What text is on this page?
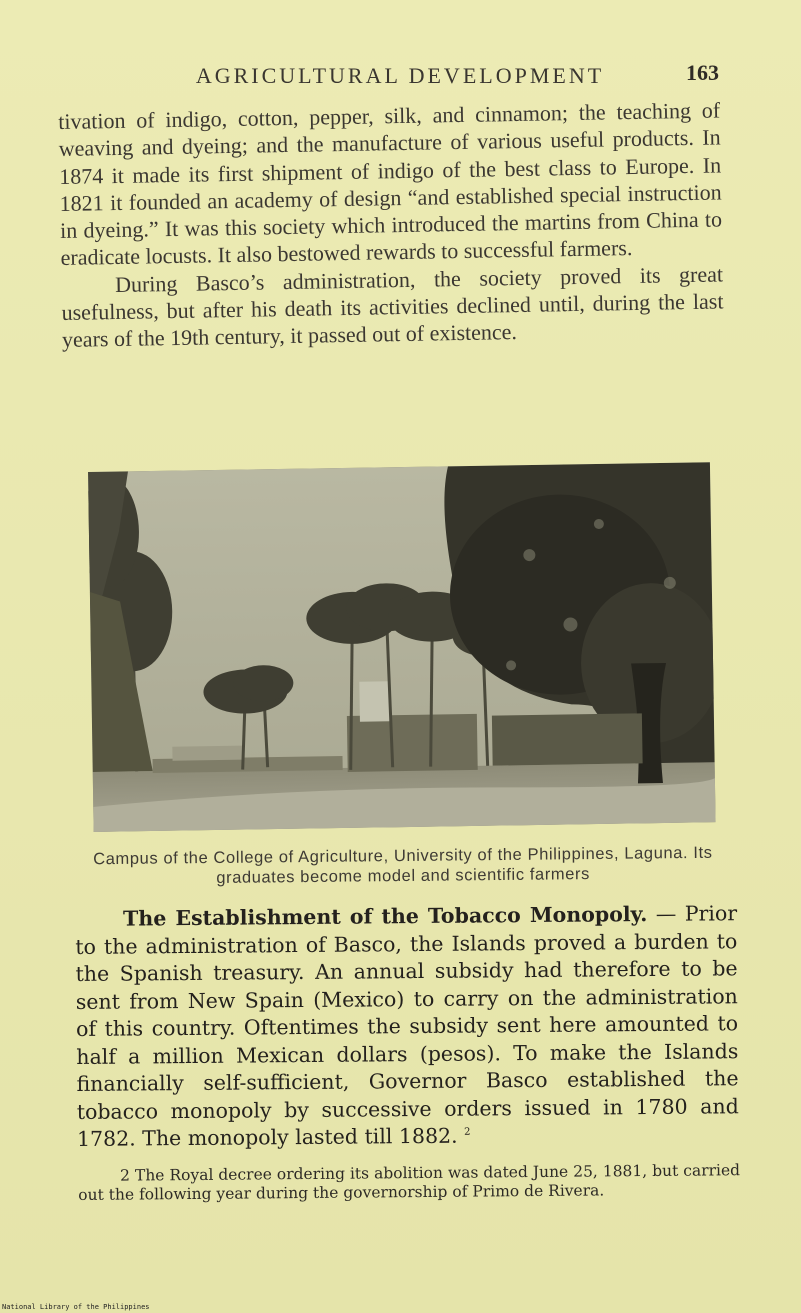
AGRICULTURAL DEVELOPMENT	163

tivation of indigo, cotton, pepper, silk, and cinnamon; the teaching of weaving and dyeing; and the manufacture of various useful products. In 1874 it made its first shipment of indigo of the best class to Europe. In 1821 it founded an academy of design “and established special instruction in dyeing.” It was this society which introduced the martins from China to eradicate locusts. It also bestowed rewards to successful farmers.

During Basco’s administration, the society proved its great usefulness, but after his death its activities declined until, during the last years of the 19th century, it passed out of existence.

Campus of the College of Agriculture, University of the Philippines, Laguna. Its graduates become model and scientific farmers

The Establishment of the Tobacco Monopoly. — Prior to the administration of Basco, the Islands proved a burden to the Spanish treasury. An annual subsidy had therefore to be sent from New Spain (Mexico) to carry on the administration of this country. Oftentimes the subsidy sent here amounted to half a million Mexican dollars (pesos). To make the Islands financially self-sufficient, Governor Basco established the tobacco monopoly by successive orders issued in 1780 and 1782. The monopoly lasted till 1882. $^2$

2 The Royal decree ordering its abolition was dated June 25, 1881, but carried out the following year during the governorship of Primo de Rivera.

National Library of the Philippines
